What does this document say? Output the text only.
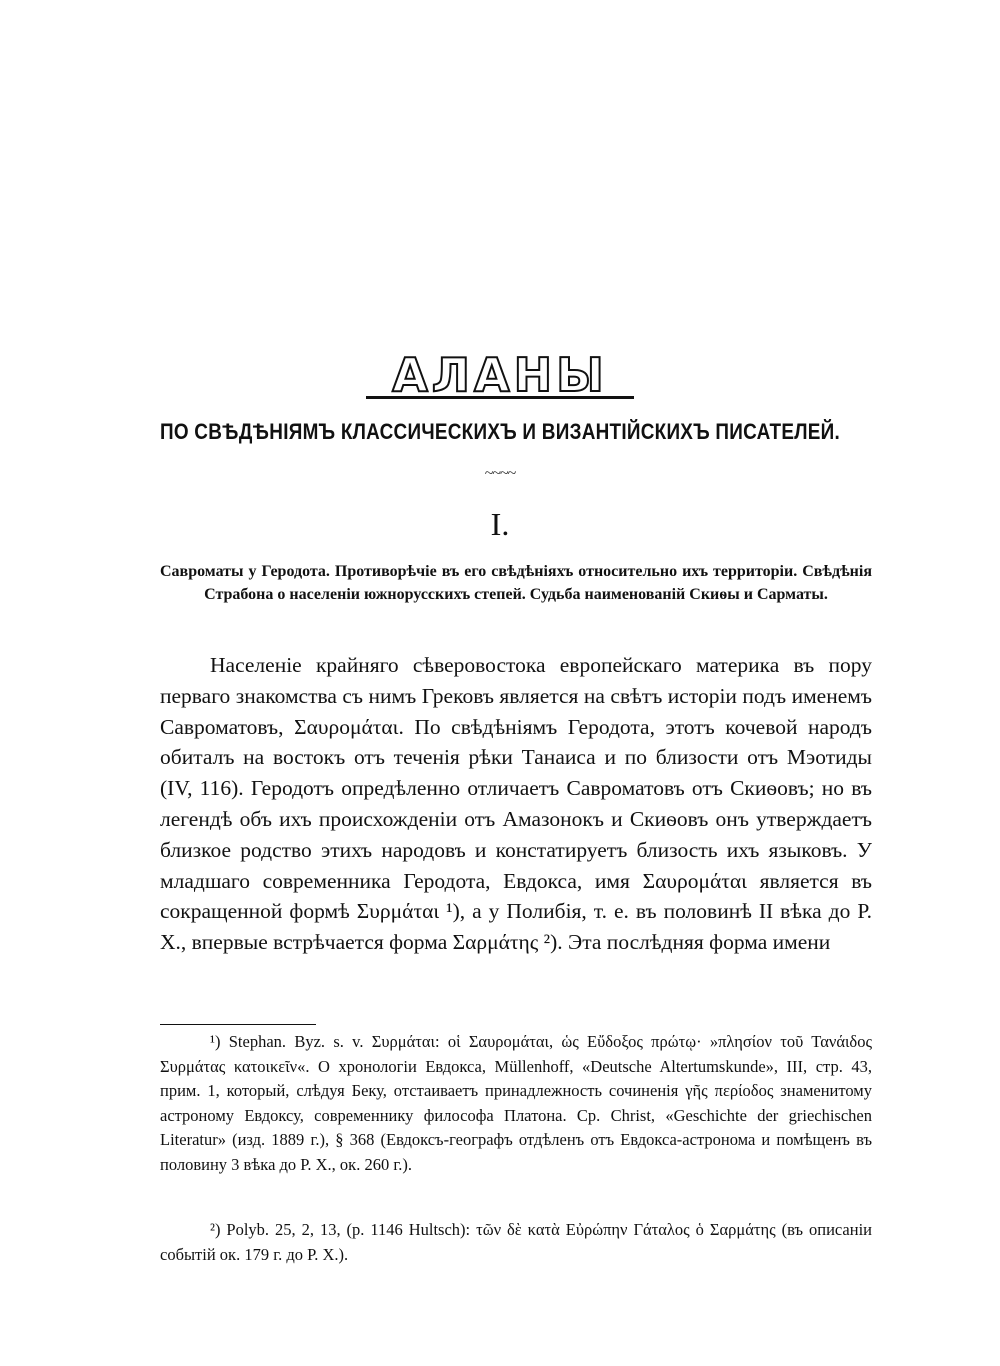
АЛАНЫ
ПО СВѢДѢНІЯМЪ КЛАССИЧЕСКИХЪ И ВИЗАНТІЙСКИХЪ ПИСАТЕЛЕЙ.
~~~~
I.
Савроматы у Геродота. Противорѣчіе въ его свѣдѣніяхъ относительно ихъ территоріи. Свѣдѣнія Страбона о населеніи южнорусскихъ степей. Судьба наименованій Скиѳы и Сарматы.
Населеніе крайняго сѣверовостока европейскаго материка въ пору перваго знакомства съ нимъ Грековъ является на свѣтъ исторіи подъ именемъ Савроматовъ, Σαυρομάται. По свѣдѣніямъ Геродота, этотъ кочевой народъ обиталъ на востокъ отъ теченія рѣки Танаиса и по близости отъ Мэотиды (IV, 116). Геродотъ опредѣленно отличаетъ Савроматовъ отъ Скиѳовъ; но въ легендѣ объ ихъ происхожденіи отъ Амазонокъ и Скиѳовъ онъ утверждаетъ близкое родство этихъ народовъ и констатируетъ близость ихъ языковъ. У младшаго современника Геродота, Евдокса, имя Σαυρομάται является въ сокращенной формѣ Συρμάται ¹), а у Полибія, т. е. въ половинѣ II вѣка до Р. Х., впервые встрѣчается форма Σαρμάτης ²). Эта послѣдняя форма имени
¹) Stephan. Byz. s. v. Συρμάται: οἱ Σαυρομάται, ὡς Εὔδοξος πρώτῳ· »πλησίον τοῦ Τανάιδος Συρμάτας κατοικεῖν«. О хронологіи Евдокса, Müllenhoff, «Deutsche Altertumskunde», III, стр. 43, прим. 1, который, слѣдуя Беку, отстаиваетъ принадлежность сочиненія γῆς περίοδος знаменитому астроному Евдоксу, современнику философа Платона. Ср. Christ, «Geschichte der griechischen Literatur» (изд. 1889 г.), § 368 (Евдоксъ-географъ отдѣленъ отъ Евдокса-астронома и помѣщенъ въ половину 3 вѣка до Р. Х., ок. 260 г.).
²) Polyb. 25, 2, 13, (p. 1146 Hultsch): τῶν δὲ κατὰ Εὐρώπην Γάταλος ὁ Σαρμάτης (въ описаніи событій ок. 179 г. до Р. Х.).
